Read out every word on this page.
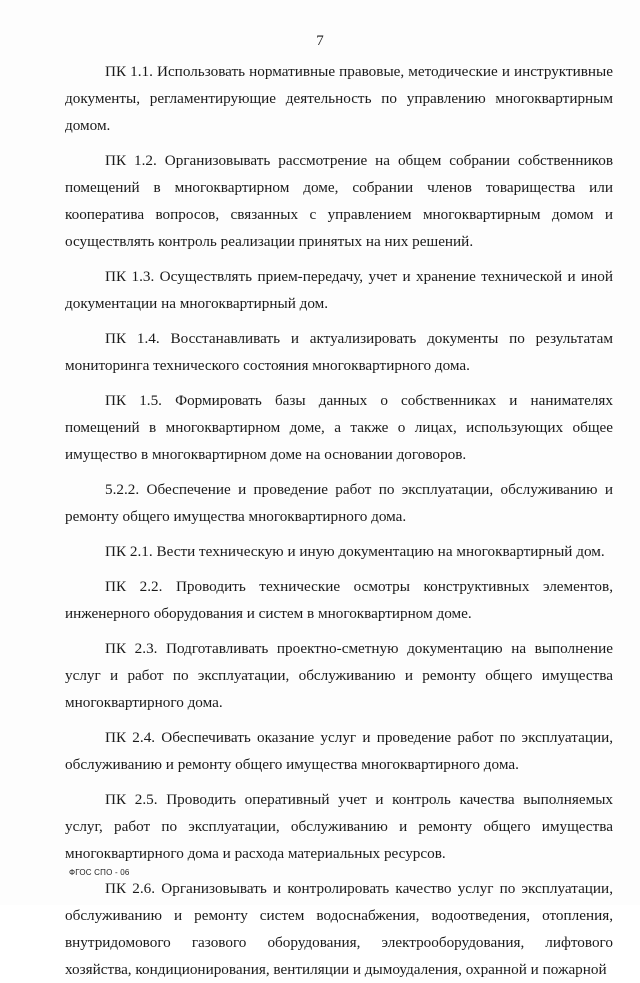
7

ПК 1.1. Использовать нормативные правовые, методические и инструктивные документы, регламентирующие деятельность по управлению многоквартирным домом.

ПК 1.2. Организовывать рассмотрение на общем собрании собственников помещений в многоквартирном доме, собрании членов товарищества или кооператива вопросов, связанных с управлением многоквартирным домом и осуществлять контроль реализации принятых на них решений.

ПК 1.3. Осуществлять прием-передачу, учет и хранение технической и иной документации на многоквартирный дом.

ПК 1.4. Восстанавливать и актуализировать документы по результатам мониторинга технического состояния многоквартирного дома.

ПК 1.5. Формировать базы данных о собственниках и нанимателях помещений в многоквартирном доме, а также о лицах, использующих общее имущество в многоквартирном доме на основании договоров.

5.2.2. Обеспечение и проведение работ по эксплуатации, обслуживанию и ремонту общего имущества многоквартирного дома.

ПК 2.1. Вести техническую и иную документацию на многоквартирный дом.

ПК 2.2. Проводить технические осмотры конструктивных элементов, инженерного оборудования и систем в многоквартирном доме.

ПК 2.3. Подготавливать проектно-сметную документацию на выполнение услуг и работ по эксплуатации, обслуживанию и ремонту общего имущества многоквартирного дома.

ПК 2.4. Обеспечивать оказание услуг и проведение работ по эксплуатации, обслуживанию и ремонту общего имущества многоквартирного дома.

ПК 2.5. Проводить оперативный учет и контроль качества выполняемых услуг, работ по эксплуатации, обслуживанию и ремонту общего имущества многоквартирного дома и расхода материальных ресурсов.

ПК 2.6. Организовывать и контролировать качество услуг по эксплуатации, обслуживанию и ремонту систем водоснабжения, водоотведения, отопления, внутридомового газового оборудования, электрооборудования, лифтового хозяйства, кондиционирования, вентиляции и дымоудаления, охранной и пожарной

ФГОС СПО - 06
